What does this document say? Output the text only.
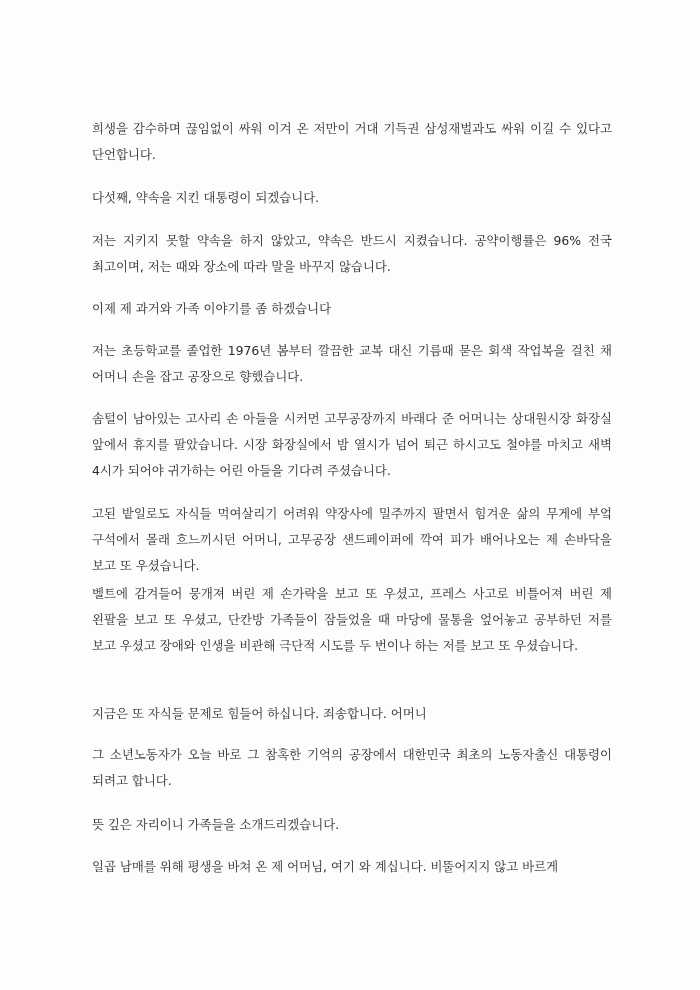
희생을 감수하며 끊임없이 싸워 이겨 온 저만이 거대 기득권 삼성재벌과도 싸워 이길 수 있다고 단언합니다.

다섯째, 약속을 지킨 대통령이 되겠습니다.

저는 지키지 못할 약속을 하지 않았고, 약속은 반드시 지켰습니다. 공약이행률은 96% 전국 최고이며, 저는 때와 장소에 따라 말을 바꾸지 않습니다.

이제 제 과거와 가족 이야기를 좀 하겠습니다

저는 초등학교를 졸업한 1976년 봄부터 깔끔한 교복 대신 기름때 묻은 회색 작업복을 걸친 채 어머니 손을 잡고 공장으로 향했습니다.

솜털이 남아있는 고사리 손 아들을 시커먼 고무공장까지 바래다 준 어머니는 상대원시장 화장실 앞에서 휴지를 팔았습니다. 시장 화장실에서 밤 열시가 넘어 퇴근 하시고도 철야를 마치고 새벽 4시가 되어야 귀가하는 어린 아들을 기다려 주셨습니다.

고된 밭일로도 자식들 먹여살리기 어려워 약장사에 밀주까지 팔면서 힘겨운 삶의 무게에 부엌 구석에서 몰래 흐느끼시던 어머니, 고무공장 샌드페이퍼에 깍여 피가 배어나오는 제 손바닥을 보고 또 우셨습니다.

벨트에 감겨들어 뭉개져 버린 제 손가락을 보고 또 우셨고, 프레스 사고로 비틀어져 버린 제 왼팔을 보고 또 우셨고, 단칸방 가족들이 잠들었을 때 마당에 물통을 엎어놓고 공부하던 저를 보고 우셨고 장애와 인생을 비관해 극단적 시도를 두 번이나 하는 저를 보고 또 우셨습니다.

지금은 또 자식들 문제로 힘들어 하십니다. 죄송합니다. 어머니

그 소년노동자가 오늘 바로 그 참혹한 기억의 공장에서 대한민국 최초의 노동자출신 대통령이 되려고 합니다.

뜻 깊은 자리이니 가족들을 소개드리겠습니다.

일곱 남매를 위해 평생을 바쳐 온 제 어머님, 여기 와 계십니다. 비뚤어지지 않고 바르게
